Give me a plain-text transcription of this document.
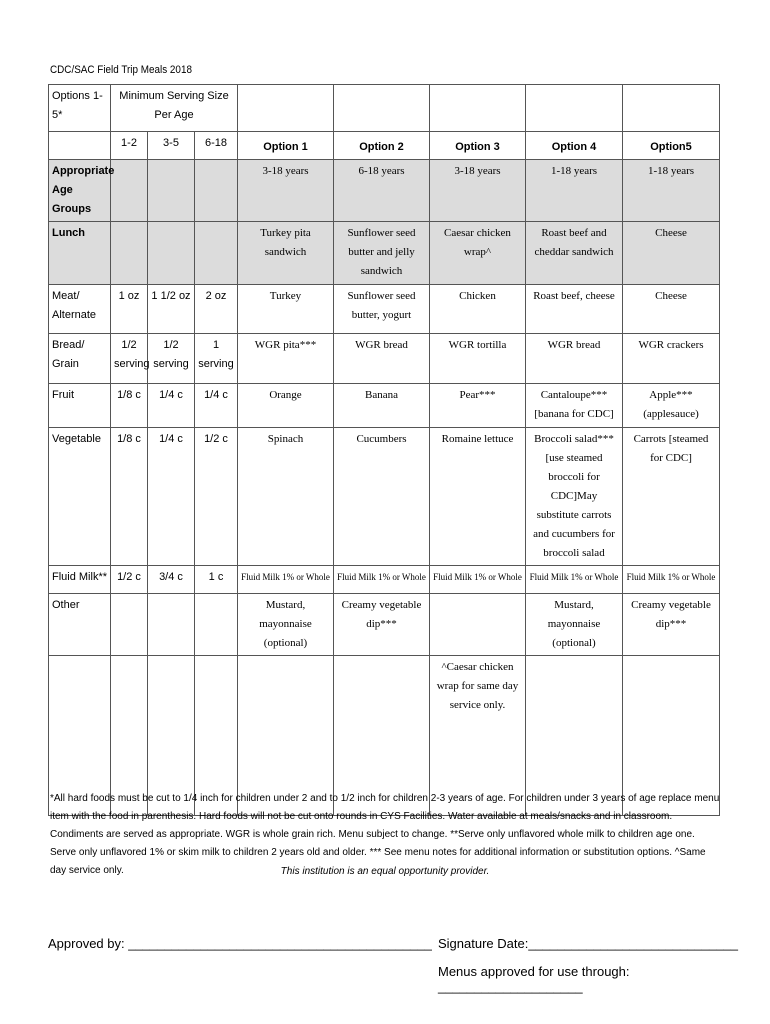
CDC/SAC Field Trip Meals 2018
Options 1-5*	Minimum Serving Size Per Age							
	1-2	3-5	6-18	Option 1	Option 2	Option 3	Option 4	Option5
Appropriate Age Groups				3-18 years	6-18 years	3-18 years	1-18 years	1-18 years
Lunch				Turkey pita sandwich	Sunflower seed butter and jelly sandwich	Caesar chicken wrap^	Roast beef and cheddar sandwich	Cheese
Meat/ Alternate	1 oz	1 1/2 oz	2 oz	Turkey	Sunflower seed butter, yogurt	Chicken	Roast beef, cheese	Cheese
Bread/ Grain	1/2 serving	1/2 serving	1 serving	WGR pita***	WGR bread	WGR tortilla	WGR bread	WGR crackers
Fruit	1/8 c	1/4 c	1/4 c	Orange	Banana	Pear***	Cantaloupe*** [banana for CDC]	Apple*** (applesauce)
Vegetable	1/8 c	1/4 c	1/2 c	Spinach	Cucumbers	Romaine lettuce	Broccoli salad***[use steamed broccoli for CDC]May substitute carrots and cucumbers for broccoli salad	Carrots [steamed for CDC]
Fluid Milk**	1/2 c	3/4 c	1 c	Fluid Milk 1% or Whole	Fluid Milk 1% or Whole	Fluid Milk 1% or Whole	Fluid Milk 1% or Whole	Fluid Milk 1% or Whole
Other				Mustard, mayonnaise (optional)	Creamy vegetable dip***		Mustard, mayonnaise (optional)	Creamy vegetable dip***
						^Caesar chicken wrap for same day service only.		
*All hard foods must be cut to 1/4 inch for children under 2 and to 1/2 inch for children 2-3 years of age. For children under 3 years of age replace menu item with the food in parenthesis. Hard foods will not be cut onto rounds in CYS Facilities. Water available at meals/snacks and in classroom. Condiments are served as appropriate. WGR is whole grain rich. Menu subject to change. **Serve only unflavored whole milk to children age one. Serve only unflavored 1% or skim milk to children 2 years old and older. *** See menu notes for additional information or substitution options. ^Same day service only.	This institution is an equal opportunity provider.
Approved by: __________________________________________ Signature Date:_____________________________
Menus approved for use through: ____________________
